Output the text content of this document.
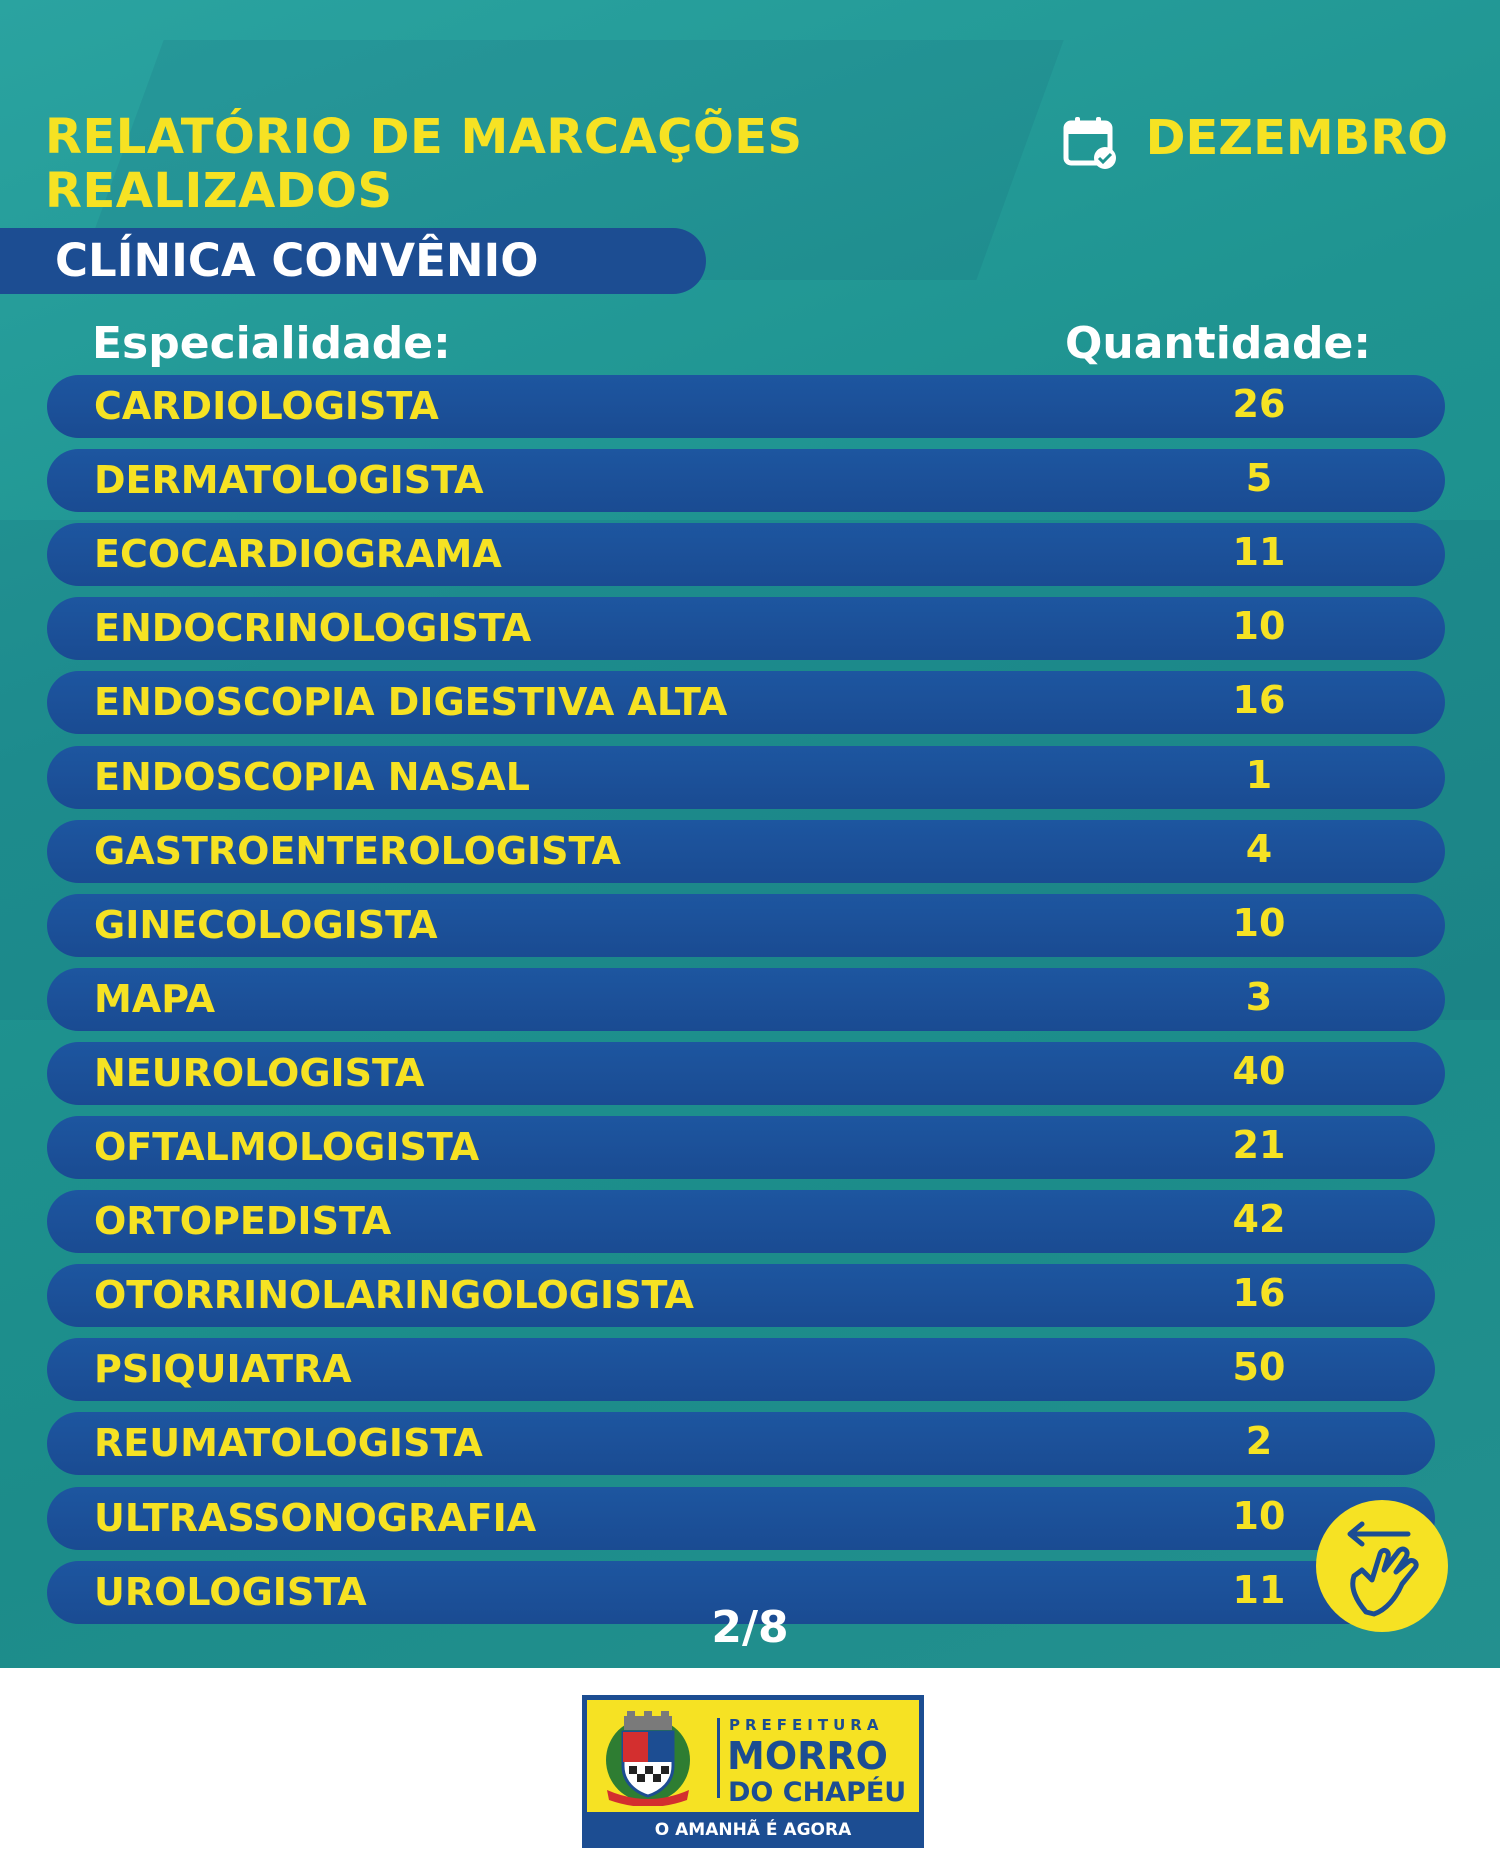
RELATÓRIO DE MARCAÇÕES
REALIZADOS
DEZEMBRO
CLÍNICA CONVÊNIO
Especialidade:	Quantidade:
CARDIOLOGISTA	26
DERMATOLOGISTA	5
ECOCARDIOGRAMA	11
ENDOCRINOLOGISTA	10
ENDOSCOPIA DIGESTIVA ALTA	16
ENDOSCOPIA NASAL	1
GASTROENTEROLOGISTA	4
GINECOLOGISTA	10
MAPA	3
NEUROLOGISTA	40
OFTALMOLOGISTA	21
ORTOPEDISTA	42
OTORRINOLARINGOLOGISTA	16
PSIQUIATRA	50
REUMATOLOGISTA	2
ULTRASSONOGRAFIA	10
UROLOGISTA	11
2/8
PREFEITURA
MORRO
DO CHAPÉU
O AMANHÃ É AGORA
